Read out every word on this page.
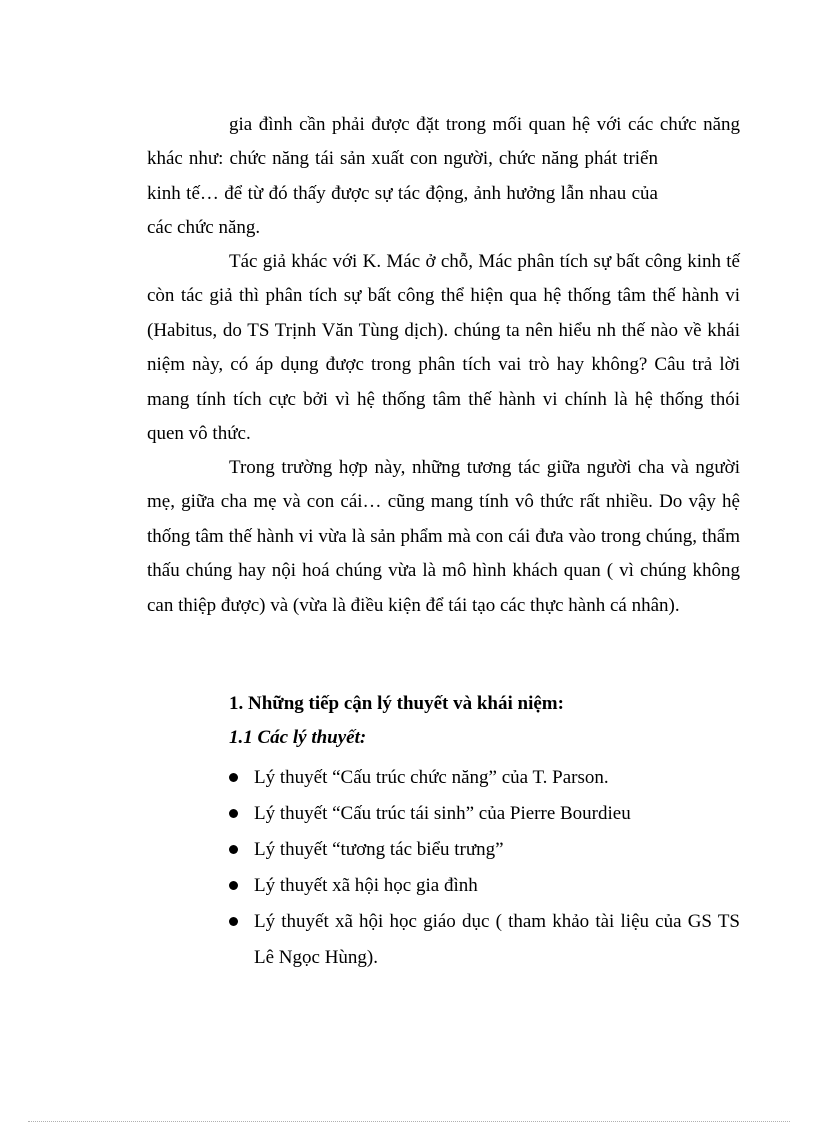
gia đình cần phải được đặt trong mối quan hệ với các chức năng
khác như: chức năng tái sản xuất con người, chức năng phát triển kinh tế… để từ đó thấy được sự tác động, ảnh hưởng lẫn nhau của các chức năng.

Tác giả khác với K. Mác ở chỗ, Mác phân tích sự bất công kinh tế còn tác giả thì phân tích sự bất công thể hiện qua hệ thống tâm thế hành vi (Habitus, do TS Trịnh Văn Tùng dịch). chúng ta nên hiểu nh thế nào về khái niệm này, có áp dụng được trong phân tích vai trò hay không? Câu trả lời mang tính tích cực bởi vì hệ thống tâm thế hành vi chính là hệ thống thói quen vô thức.

Trong trường hợp này, những tương tác giữa người cha và người mẹ, giữa cha mẹ và con cái… cũng mang tính vô thức rất nhiều. Do vậy hệ thống tâm thế hành vi vừa là sản phẩm mà con cái đưa vào trong chúng, thẩm thấu chúng hay nội hoá chúng vừa là mô hình khách quan ( vì chúng không can thiệp được) và (vừa là điều kiện để tái tạo các thực hành cá nhân).

1. Những tiếp cận lý thuyết và khái niệm:
1.1 Các lý thuyết:
Lý thuyết “Cấu trúc chức năng” của T. Parson.
Lý thuyết “Cấu trúc tái sinh” của Pierre Bourdieu
Lý thuyết “tương tác biểu trưng”
Lý thuyết xã hội học gia đình
Lý thuyết xã hội học giáo dục ( tham khảo tài liệu của GS TS Lê Ngọc Hùng).
